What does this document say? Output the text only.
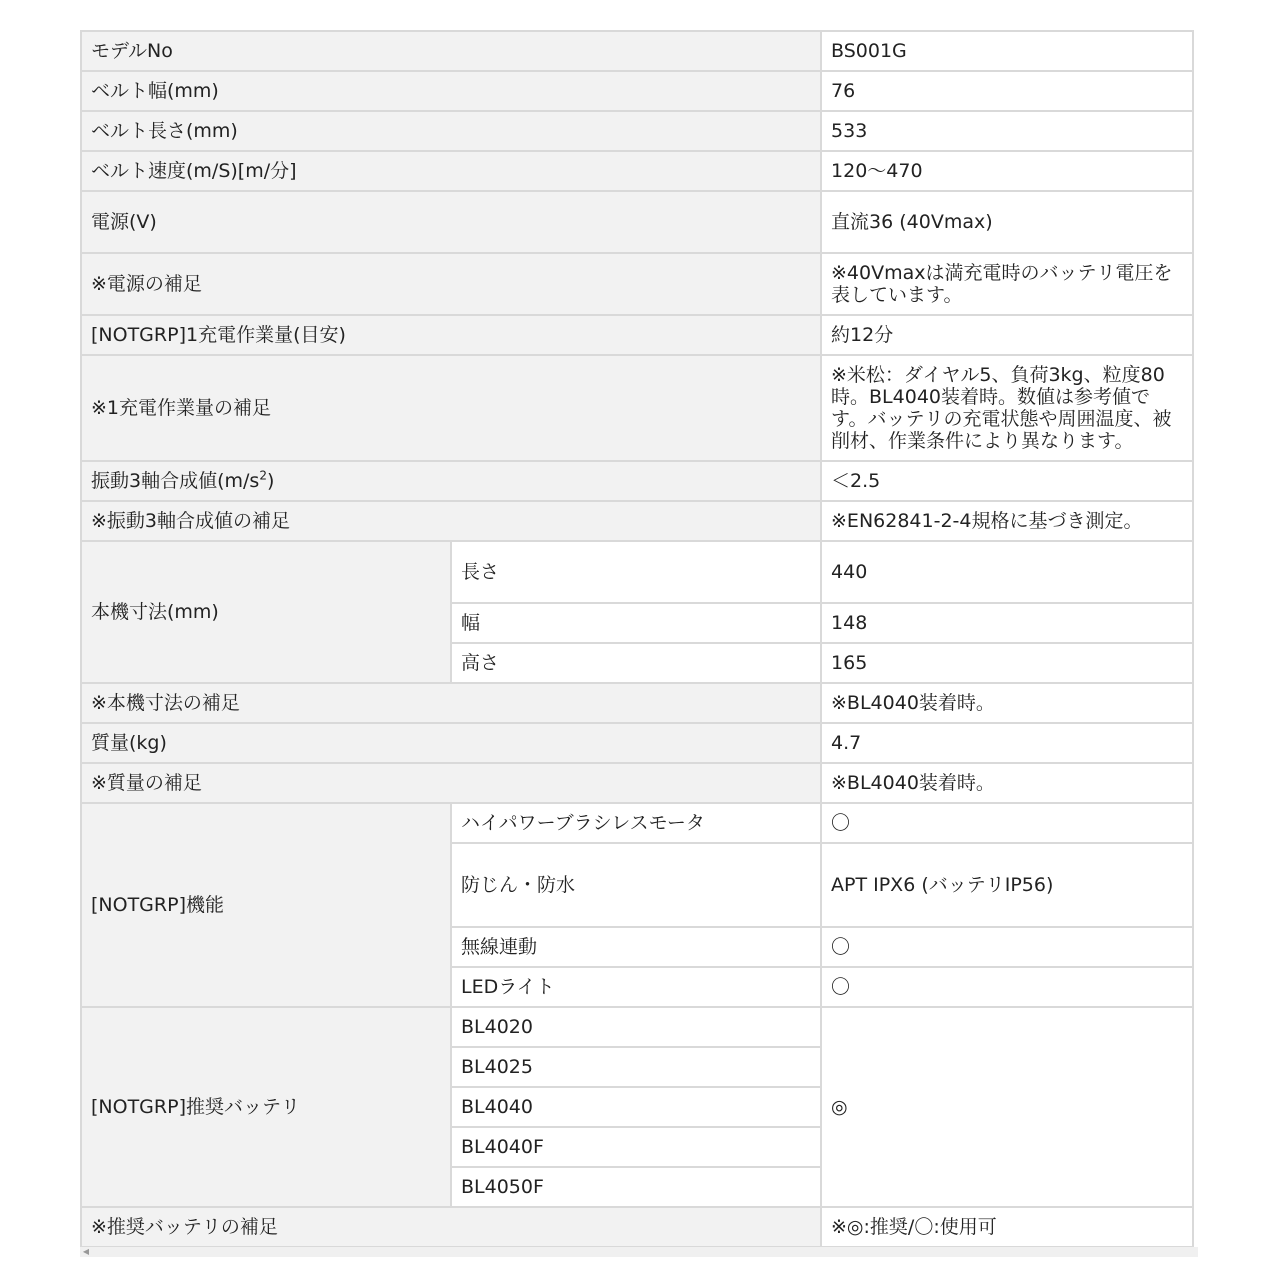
モデルNo		BS001G
ベルト幅(mm)		76
ベルト長さ(mm)		533
ベルト速度(m/S)[m/分]		120〜470
電源(V)		直流36 (40Vmax)
※電源の補足		※40Vmaxは満充電時のバッテリ電圧を表しています。
[NOTGRP]1充電作業量(目安)		約12分
※1充電作業量の補足		※米松：ダイヤル5、負荷3kg、粒度80時。BL4040装着時。数値は参考値です。バッテリの充電状態や周囲温度、被削材、作業条件により異なります。
振動3軸合成値$(m/s^2)$		＜2.5
※振動3軸合成値の補足		※EN62841-2-4規格に基づき測定。
本機寸法(mm)	長さ	440
	幅	148
	高さ	165
※本機寸法の補足		※BL4040装着時。
質量(kg)		4.7
※質量の補足		※BL4040装着時。
[NOTGRP]機能	ハイパワーブラシレスモータ	〇
	防じん・防水	APT IPX6 (バッテリIP56)
	無線連動	〇
	LEDライト	〇
[NOTGRP]推奨バッテリ	BL4020	◎
	BL4025	
	BL4040	
	BL4040F	
	BL4050F	
※推奨バッテリの補足		※◎:推奨/〇:使用可
◀
